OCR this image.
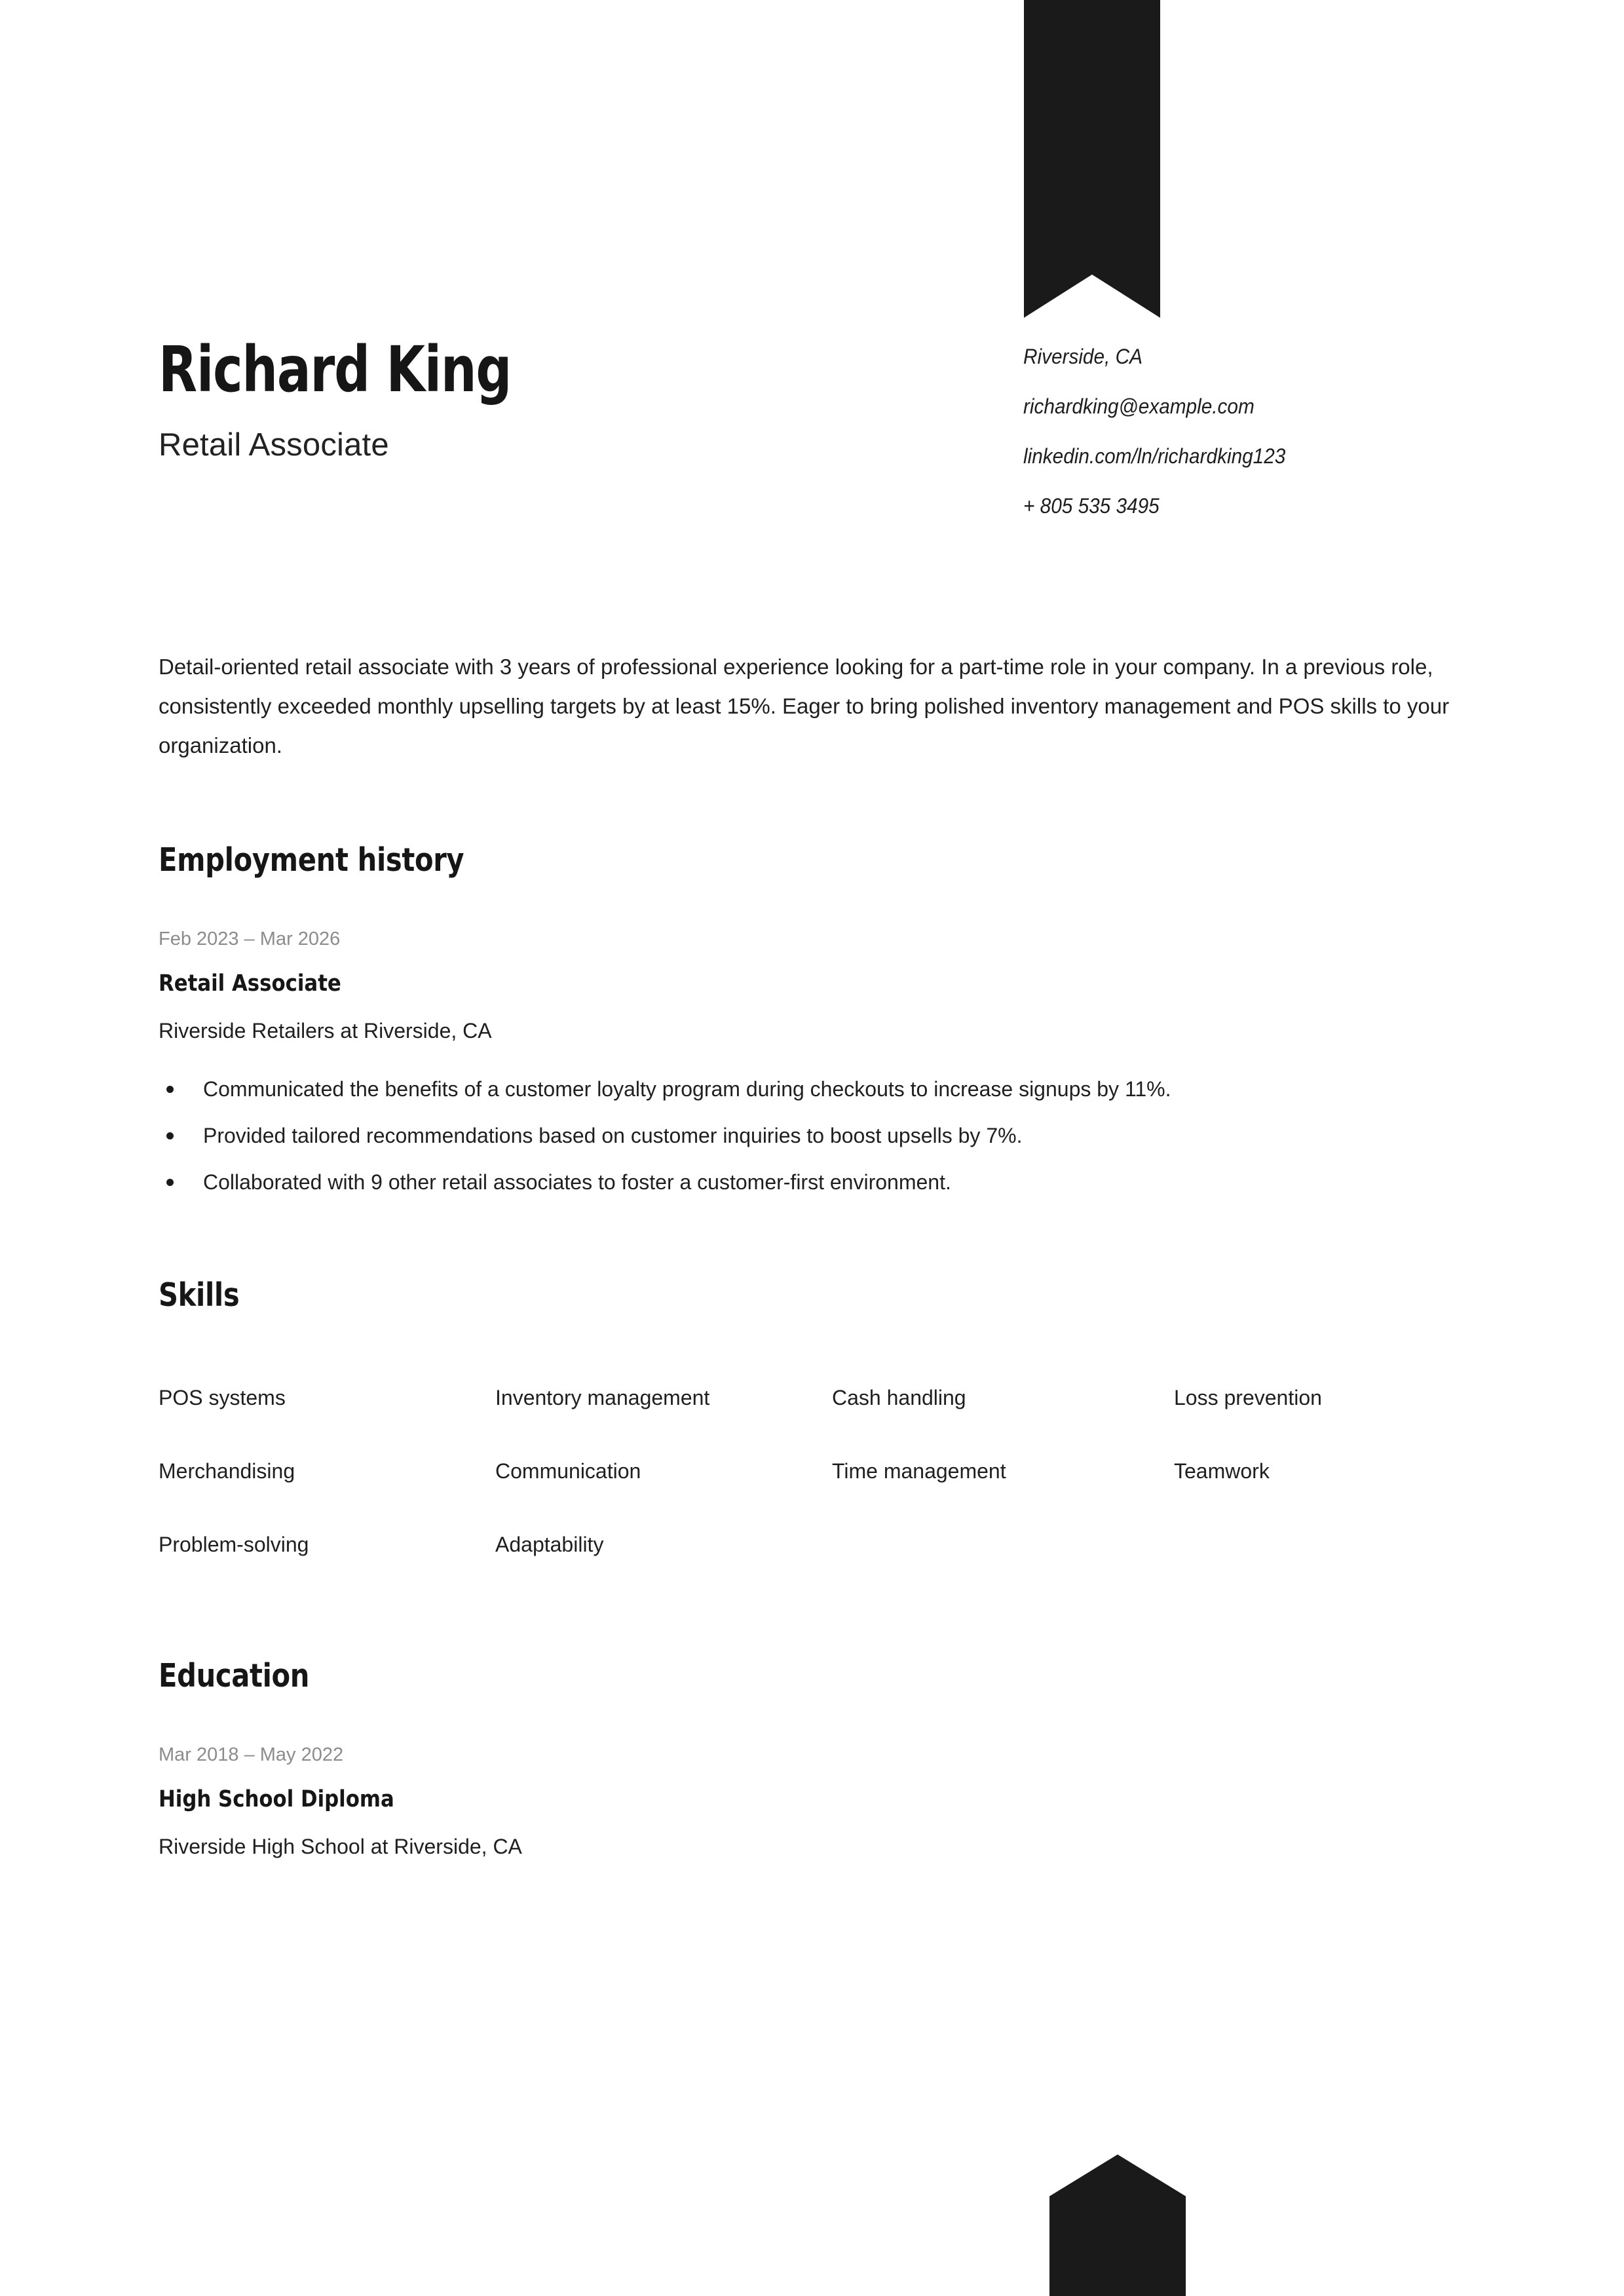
Richard King
Retail Associate
Riverside, CA
richardking@example.com
linkedin.com/ln/richardking123
+ 805 535 3495
Detail-oriented retail associate with 3 years of professional experience looking for a part-time role in your company. In a previous role, consistently exceeded monthly upselling targets by at least 15%. Eager to bring polished inventory management and POS skills to your organization.
Employment history
Feb 2023 – Mar 2026
Retail Associate
Riverside Retailers at Riverside, CA
Communicated the benefits of a customer loyalty program during checkouts to increase signups by 11%.
Provided tailored recommendations based on customer inquiries to boost upsells by 7%.
Collaborated with 9 other retail associates to foster a customer-first environment.
Skills
POS systems	Inventory management	Cash handling	Loss prevention
Merchandising	Communication	Time management	Teamwork
Problem-solving	Adaptability
Education
Mar 2018 – May 2022
High School Diploma
Riverside High School at Riverside, CA
